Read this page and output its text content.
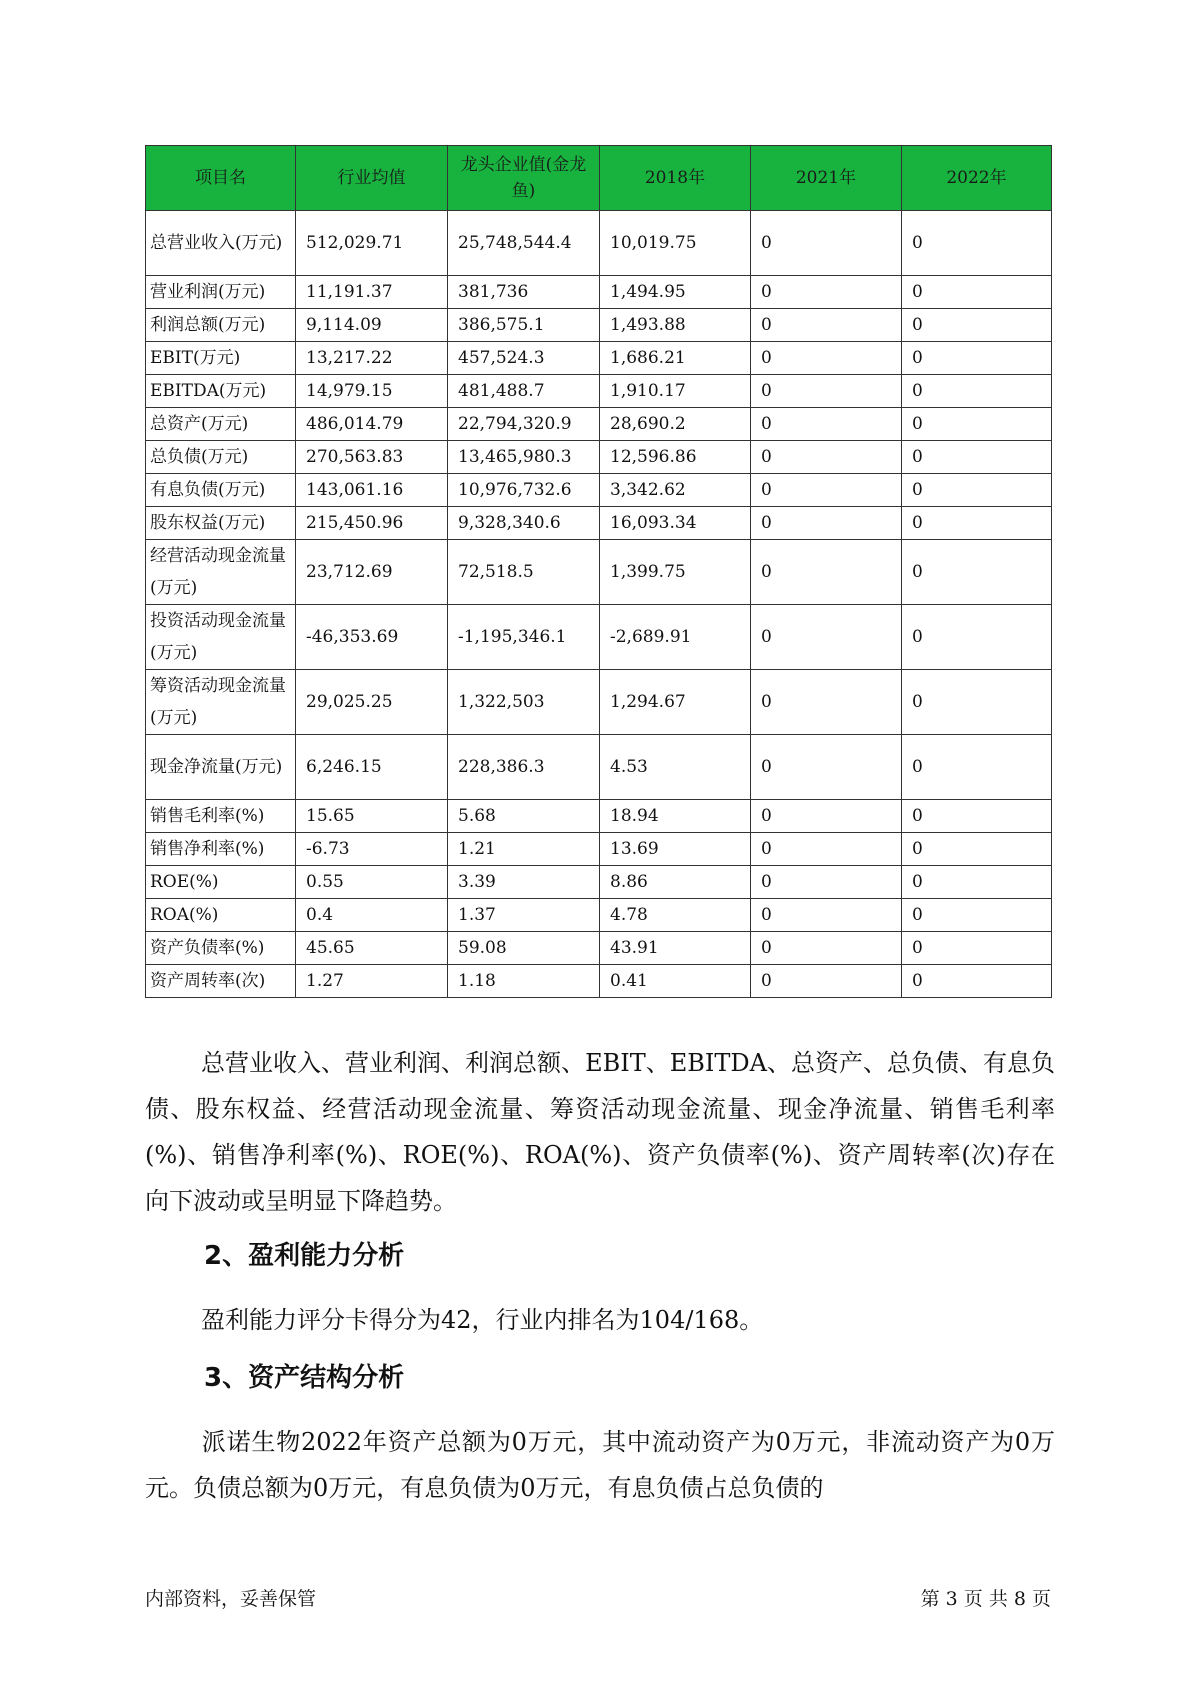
项目名	行业均值	龙头企业值(金龙鱼)	2018年	2021年	2022年
总营业收入(万元)	512,029.71	25,748,544.4	10,019.75	0	0
营业利润(万元)	11,191.37	381,736	1,494.95	0	0
利润总额(万元)	9,114.09	386,575.1	1,493.88	0	0
EBIT(万元)	13,217.22	457,524.3	1,686.21	0	0
EBITDA(万元)	14,979.15	481,488.7	1,910.17	0	0
总资产(万元)	486,014.79	22,794,320.9	28,690.2	0	0
总负债(万元)	270,563.83	13,465,980.3	12,596.86	0	0
有息负债(万元)	143,061.16	10,976,732.6	3,342.62	0	0
股东权益(万元)	215,450.96	9,328,340.6	16,093.34	0	0
经营活动现金流量(万元)	23,712.69	72,518.5	1,399.75	0	0
投资活动现金流量(万元)	-46,353.69	-1,195,346.1	-2,689.91	0	0
筹资活动现金流量(万元)	29,025.25	1,322,503	1,294.67	0	0
现金净流量(万元)	6,246.15	228,386.3	4.53	0	0
销售毛利率(%)	15.65	5.68	18.94	0	0
销售净利率(%)	-6.73	1.21	13.69	0	0
ROE(%)	0.55	3.39	8.86	0	0
ROA(%)	0.4	1.37	4.78	0	0
资产负债率(%)	45.65	59.08	43.91	0	0
资产周转率(次)	1.27	1.18	0.41	0	0
总营业收入、营业利润、利润总额、EBIT、EBITDA、总资产、总负债、有息负债、股东权益、经营活动现金流量、筹资活动现金流量、现金净流量、销售毛利率(%)、销售净利率(%)、ROE(%)、ROA(%)、资产负债率(%)、资产周转率(次)存在向下波动或呈明显下降趋势。
2、盈利能力分析
盈利能力评分卡得分为42，行业内排名为104/168。
3、资产结构分析
派诺生物2022年资产总额为0万元，其中流动资产为0万元，非流动资产为0万元。负债总额为0万元，有息负债为0万元，有息负债占总负债的
内部资料，妥善保管	第 3 页 共 8 页
